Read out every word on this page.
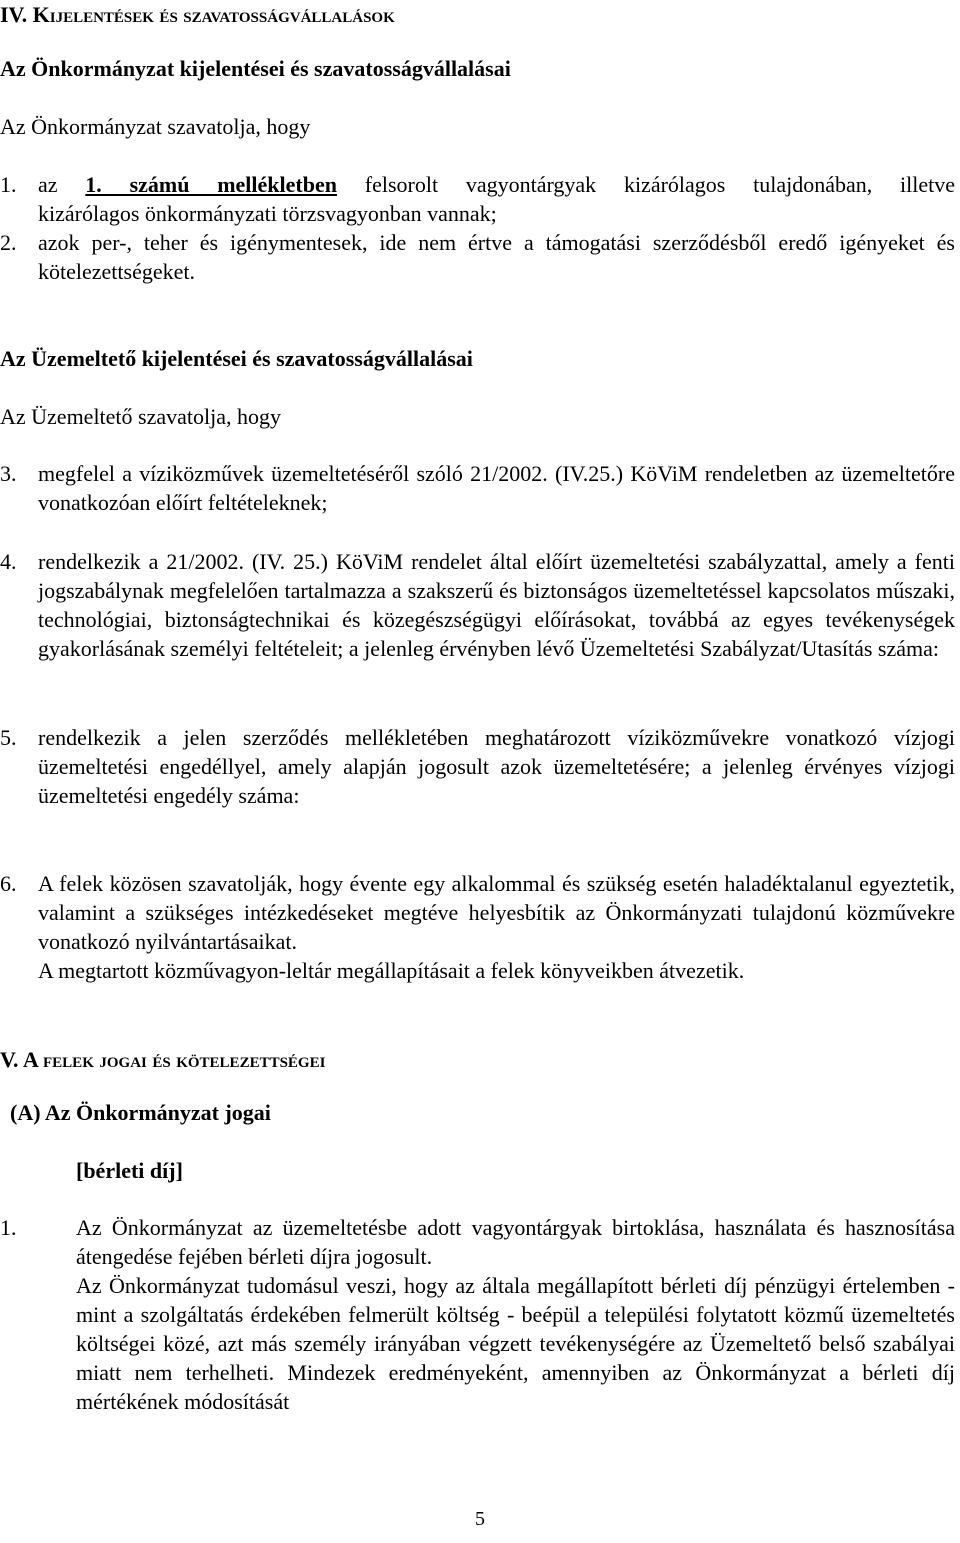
IV. Kijelentések és szavatosságvállalások
Az Önkormányzat kijelentései és szavatosságvállalásai
Az Önkormányzat szavatolja, hogy
1. az 1. számú mellékletben felsorolt vagyontárgyak kizárólagos tulajdonában, illetve
kizárólagos önkormányzati törzsvagyonban vannak;
2. azok per-, teher és igénymentesek, ide nem értve a támogatási szerződésből eredő igényeket és kötelezettségeket.
Az Üzemeltető kijelentései és szavatosságvállalásai
Az Üzemeltető szavatolja, hogy
3. megfelel a víziközművek üzemeltetéséről szóló 21/2002. (IV.25.) KöViM rendeletben az üzemeltetőre vonatkozóan előírt feltételeknek;
4. rendelkezik a 21/2002. (IV. 25.) KöViM rendelet által előírt üzemeltetési szabályzattal, amely a fenti jogszabálynak megfelelően tartalmazza a szakszerű és biztonságos üzemeltetéssel kapcsolatos műszaki, technológiai, biztonságtechnikai és közegészségügyi előírásokat, továbbá az egyes tevékenységek gyakorlásának személyi feltételeit; a jelenleg érvényben lévő Üzemeltetési Szabályzat/Utasítás száma:
5. rendelkezik a jelen szerződés mellékletében meghatározott víziközművekre vonatkozó vízjogi üzemeltetési engedéllyel, amely alapján jogosult azok üzemeltetésére; a jelenleg érvényes vízjogi üzemeltetési engedély száma:
6. A felek közösen szavatolják, hogy évente egy alkalommal és szükség esetén haladéktalanul egyeztetik, valamint a szükséges intézkedéseket megtéve helyesbítik az Önkormányzati tulajdonú közművekre vonatkozó nyilvántartásaikat.
A megtartott közművagyon-leltár megállapításait a felek könyveikben átvezetik.
V. A felek jogai és kötelezettségei
(A) Az Önkormányzat jogai
[bérleti díj]
1.	Az Önkormányzat az üzemeltetésbe adott vagyontárgyak birtoklása, használata és hasznosítása átengedése fejében bérleti díjra jogosult.
Az Önkormányzat tudomásul veszi, hogy az általa megállapított bérleti díj pénzügyi értelemben - mint a szolgáltatás érdekében felmerült költség - beépül a települési folytatott közmű üzemeltetés költségei közé, azt más személy irányában végzett tevékenységére az Üzemeltető belső szabályai miatt nem terhelheti. Mindezek eredményeként, amennyiben az Önkormányzat a bérleti díj mértékének módosítását
5
